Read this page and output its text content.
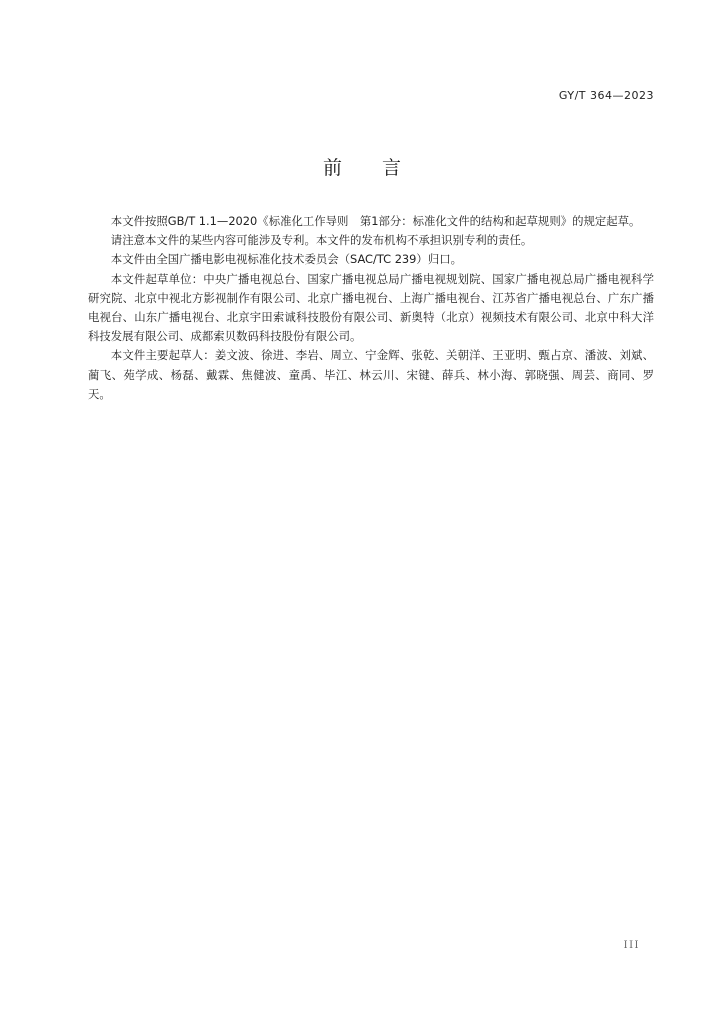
GY/T 364—2023
前言

本文件按照GB/T 1.1—2020《标准化工作导则　第1部分：标准化文件的结构和起草规则》的规定起草。

请注意本文件的某些内容可能涉及专利。本文件的发布机构不承担识别专利的责任。

本文件由全国广播电影电视标准化技术委员会（SAC/TC 239）归口。

本文件起草单位：中央广播电视总台、国家广播电视总局广播电视规划院、国家广播电视总局广播电视科学研究院、北京中视北方影视制作有限公司、北京广播电视台、上海广播电视台、江苏省广播电视总台、广东广播电视台、山东广播电视台、北京宇田索诚科技股份有限公司、新奥特（北京）视频技术有限公司、北京中科大洋科技发展有限公司、成都索贝数码科技股份有限公司。

本文件主要起草人：姜文波、徐进、李岩、周立、宁金辉、张乾、关朝洋、王亚明、甄占京、潘波、刘斌、蔺飞、苑学成、杨磊、戴霖、焦健波、童禹、毕江、林云川、宋键、薛兵、林小海、郭晓强、周芸、商同、罗天。

III
